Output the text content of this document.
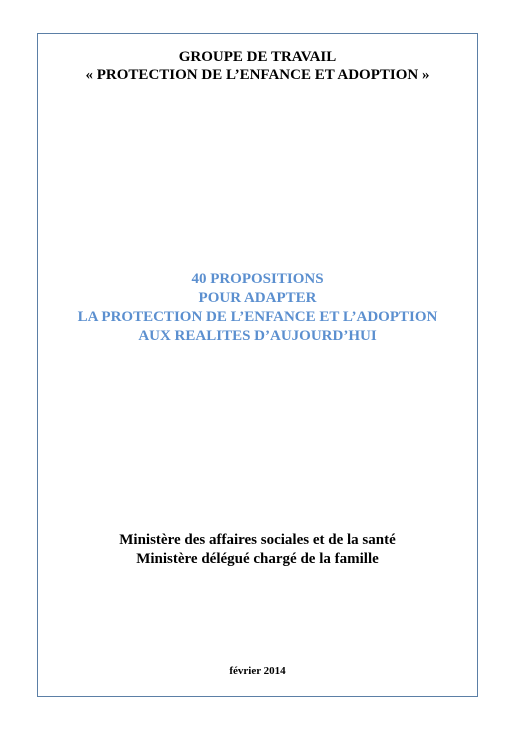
GROUPE DE TRAVAIL
« PROTECTION DE L’ENFANCE ET ADOPTION »
40 PROPOSITIONS
POUR ADAPTER
LA PROTECTION DE L’ENFANCE ET L’ADOPTION
AUX REALITES D’AUJOURD’HUI
Ministère des affaires sociales et de la santé
Ministère délégué chargé de la famille
février 2014
